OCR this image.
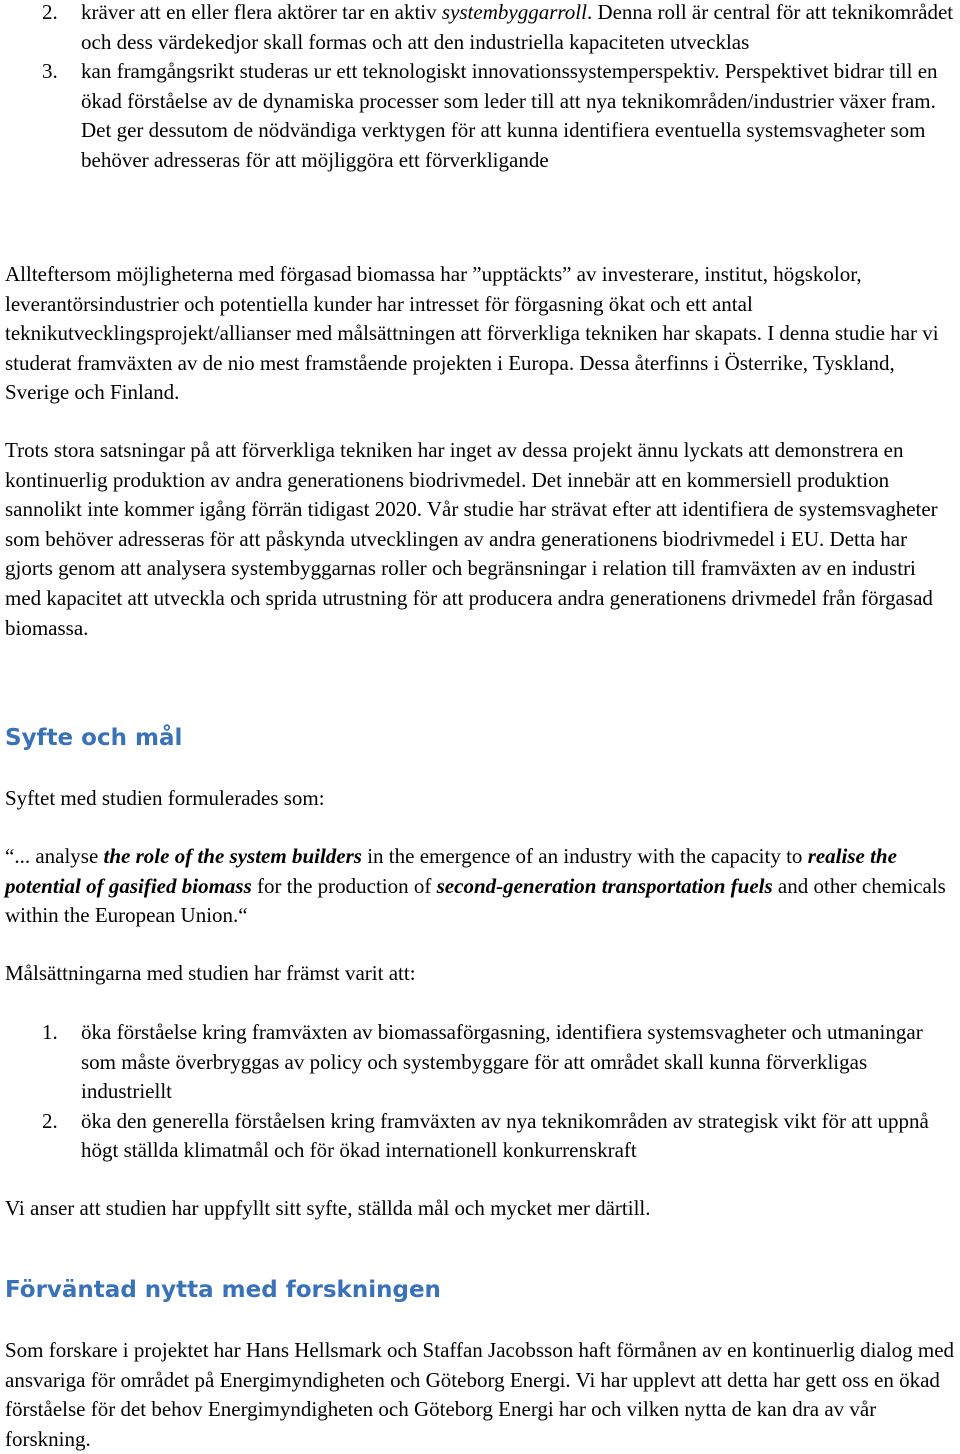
2. kräver att en eller flera aktörer tar en aktiv systembyggarroll. Denna roll är central för att teknikområdet och dess värdekedjor skall formas och att den industriella kapaciteten utvecklas
3. kan framgångsrikt studeras ur ett teknologiskt innovationssystemperspektiv. Perspektivet bidrar till en ökad förståelse av de dynamiska processer som leder till att nya teknikområden/industrier växer fram. Det ger dessutom de nödvändiga verktygen för att kunna identifiera eventuella systemsvagheter som behöver adresseras för att möjliggöra ett förverkligande
Allteftersom möjligheterna med förgasad biomassa har ”upptäckts” av investerare, institut, högskolor, leverantörsindustrier och potentiella kunder har intresset för förgasning ökat och ett antal teknikutvecklingsprojekt/allianser med målsättningen att förverkliga tekniken har skapats. I denna studie har vi studerat framväxten av de nio mest framstående projekten i Europa. Dessa återfinns i Österrike, Tyskland, Sverige och Finland.
Trots stora satsningar på att förverkliga tekniken har inget av dessa projekt ännu lyckats att demonstrera en kontinuerlig produktion av andra generationens biodrivmedel. Det innebär att en kommersiell produktion sannolikt inte kommer igång förrän tidigast 2020. Vår studie har strävat efter att identifiera de systemsvagheter som behöver adresseras för att påskynda utvecklingen av andra generationens biodrivmedel i EU. Detta har gjorts genom att analysera systembyggarnas roller och begränsningar i relation till framväxten av en industri med kapacitet att utveckla och sprida utrustning för att producera andra generationens drivmedel från förgasad biomassa.
Syfte och mål
Syftet med studien formulerades som:
“... analyse the role of the system builders in the emergence of an industry with the capacity to realise the potential of gasified biomass for the production of second-generation transportation fuels and other chemicals within the European Union.“
Målsättningarna med studien har främst varit att:
1. öka förståelse kring framväxten av biomassaförgasning, identifiera systemsvagheter och utmaningar som måste överbryggas av policy och systembyggare för att området skall kunna förverkligas industriellt
2. öka den generella förståelsen kring framväxten av nya teknikområden av strategisk vikt för att uppnå högt ställda klimatmål och för ökad internationell konkurrenskraft
Vi anser att studien har uppfyllt sitt syfte, ställda mål och mycket mer därtill.
Förväntad nytta med forskningen
Som forskare i projektet har Hans Hellsmark och Staffan Jacobsson haft förmånen av en kontinuerlig dialog med ansvariga för området på Energimyndigheten och Göteborg Energi. Vi har upplevt att detta har gett oss en ökad förståelse för det behov Energimyndigheten och Göteborg Energi har och vilken nytta de kan dra av vår forskning.
